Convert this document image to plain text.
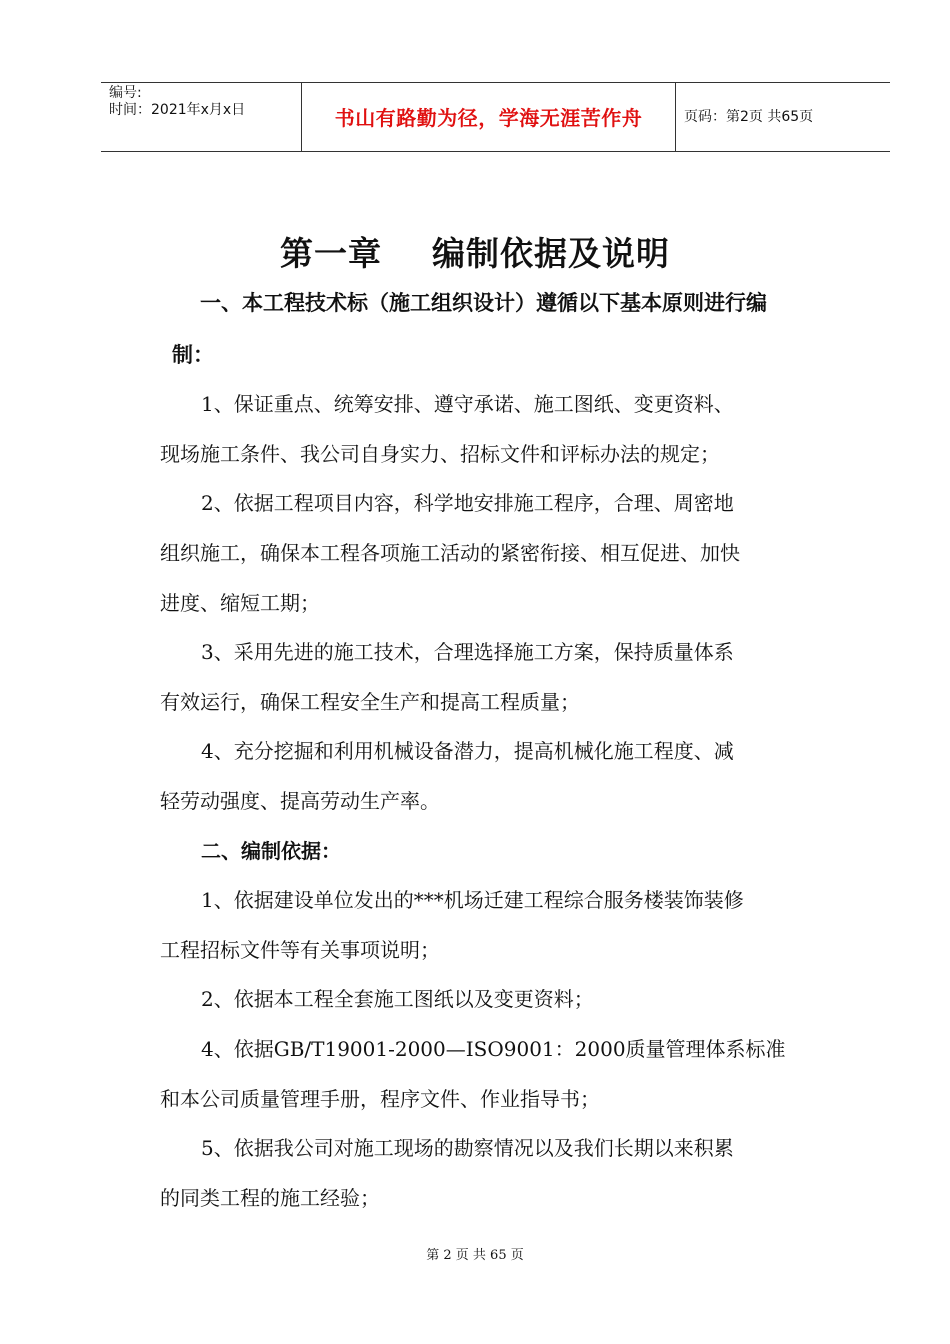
编号:
时间：2021年x月x日	书山有路勤为径，学海无涯苦作舟	页码：第2页 共65页
第一章    编制依据及说明
一、本工程技术标（施工组织设计）遵循以下基本原则进行编
制：
1、保证重点、统筹安排、遵守承诺、施工图纸、变更资料、
现场施工条件、我公司自身实力、招标文件和评标办法的规定；
2、依据工程项目内容，科学地安排施工程序，合理、周密地
组织施工，确保本工程各项施工活动的紧密衔接、相互促进、加快
进度、缩短工期；
3、采用先进的施工技术，合理选择施工方案，保持质量体系
有效运行，确保工程安全生产和提高工程质量；
4、充分挖掘和利用机械设备潜力，提高机械化施工程度、减
轻劳动强度、提高劳动生产率。
二、编制依据：
1、依据建设单位发出的***机场迁建工程综合服务楼装饰装修
工程招标文件等有关事项说明；
2、依据本工程全套施工图纸以及变更资料；
4、依据GB/T19001-2000—ISO9001：2000质量管理体系标准
和本公司质量管理手册，程序文件、作业指导书；
5、依据我公司对施工现场的勘察情况以及我们长期以来积累
的同类工程的施工经验；
第 2 页 共 65 页
